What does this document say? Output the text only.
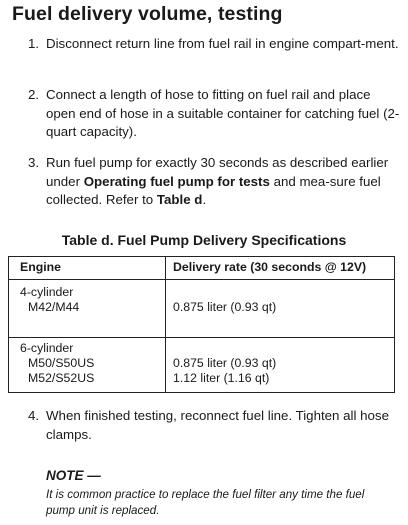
Fuel delivery volume, testing
1. Disconnect return line from fuel rail in engine compart-ment.
2. Connect a length of hose to fitting on fuel rail and place open end of hose in a suitable container for catching fuel (2-quart capacity).
3. Run fuel pump for exactly 30 seconds as described earlier under Operating fuel pump for tests and mea-sure fuel collected. Refer to Table d.
Table d. Fuel Pump Delivery Specifications
Engine	Delivery rate (30 seconds @ 12V)
4-cylinder
M42/M44	0.875 liter (0.93 qt)
6-cylinder
M50/S50US
M52/S52US
0.875 liter (0.93 qt)
1.12 liter (1.16 qt)
4. When finished testing, reconnect fuel line. Tighten all hose clamps.
NOTE —
It is common practice to replace the fuel filter any time the fuel pump unit is replaced.
